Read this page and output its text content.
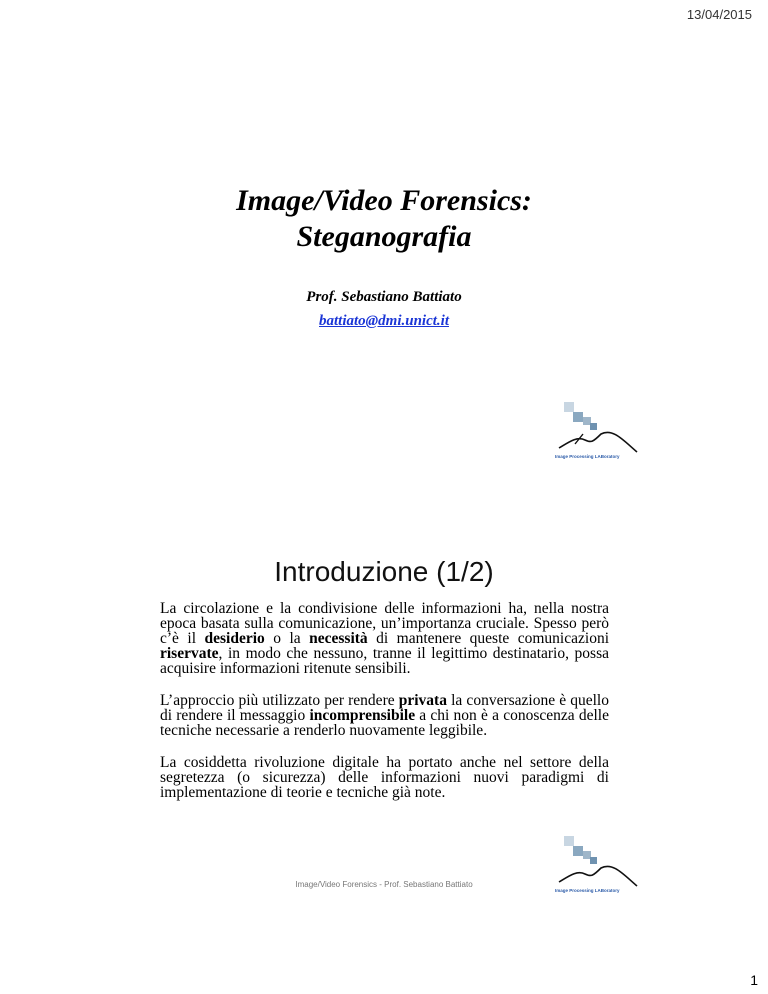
13/04/2015
Image/Video Forensics:
Steganografia
Prof. Sebastiano Battiato
battiato@dmi.unict.it
Image Processing LABoratory
Introduzione (1/2)

La circolazione e la condivisione delle informazioni ha, nella nostra epoca basata sulla comunicazione, un’importanza cruciale. Spesso però c’è il desiderio o la necessità di mantenere queste comunicazioni riservate, in modo che nessuno, tranne il legittimo destinatario, possa acquisire informazioni ritenute sensibili.

L’approccio più utilizzato per rendere privata la conversazione è quello di rendere il messaggio incomprensibile a chi non è a conoscenza delle tecniche necessarie a renderlo nuovamente leggibile.

La cosiddetta rivoluzione digitale ha portato anche nel settore della segretezza (o sicurezza) delle informazioni nuovi paradigmi di implementazione di teorie e tecniche già note.

Image/Video Forensics - Prof. Sebastiano Battiato
Image Processing LABoratory
1
